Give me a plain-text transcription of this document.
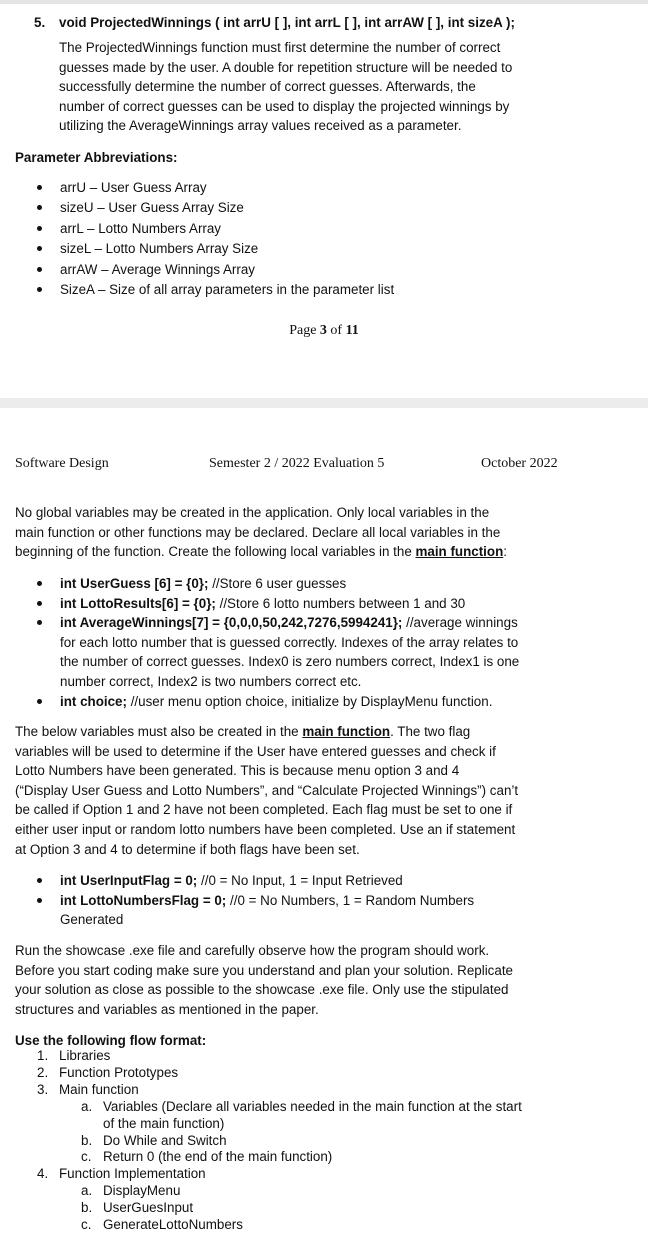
5. void ProjectedWinnings ( int arrU [ ], int arrL [ ], int arrAW [ ], int sizeA );
The ProjectedWinnings function must first determine the number of correct
guesses made by the user. A double for repetition structure will be needed to
successfully determine the number of correct guesses. Afterwards, the
number of correct guesses can be used to display the projected winnings by
utilizing the AverageWinnings array values received as a parameter.
Parameter Abbreviations:
arrU – User Guess Array
sizeU – User Guess Array Size
arrL – Lotto Numbers Array
sizeL – Lotto Numbers Array Size
arrAW – Average Winnings Array
SizeA – Size of all array parameters in the parameter list
Page 3 of 11
Software Design	Semester 2 / 2022 Evaluation 5	October 2022
No global variables may be created in the application. Only local variables in the
main function or other functions may be declared. Declare all local variables in the
beginning of the function. Create the following local variables in the main function:
int UserGuess [6] = {0}; //Store 6 user guesses
int LottoResults[6] = {0}; //Store 6 lotto numbers between 1 and 30
int AverageWinnings[7] = {0,0,0,50,242,7276,5994241}; //average winnings
for each lotto number that is guessed correctly. Indexes of the array relates to
the number of correct guesses. Index0 is zero numbers correct, Index1 is one
number correct, Index2 is two numbers correct etc.
int choice; //user menu option choice, initialize by DisplayMenu function.
The below variables must also be created in the main function. The two flag
variables will be used to determine if the User have entered guesses and check if
Lotto Numbers have been generated. This is because menu option 3 and 4
(“Display User Guess and Lotto Numbers”, and “Calculate Projected Winnings”) can’t
be called if Option 1 and 2 have not been completed. Each flag must be set to one if
either user input or random lotto numbers have been completed. Use an if statement
at Option 3 and 4 to determine if both flags have been set.
int UserInputFlag = 0; //0 = No Input, 1 = Input Retrieved
int LottoNumbersFlag = 0; //0 = No Numbers, 1 = Random Numbers
Generated
Run the showcase .exe file and carefully observe how the program should work.
Before you start coding make sure you understand and plan your solution. Replicate
your solution as close as possible to the showcase .exe file. Only use the stipulated
structures and variables as mentioned in the paper.
Use the following flow format:
1. Libraries
2. Function Prototypes
3. Main function
a. Variables (Declare all variables needed in the main function at the start
of the main function)
b. Do While and Switch
c. Return 0 (the end of the main function)
4. Function Implementation
a. DisplayMenu
b. UserGuesInput
c. GenerateLottoNumbers
